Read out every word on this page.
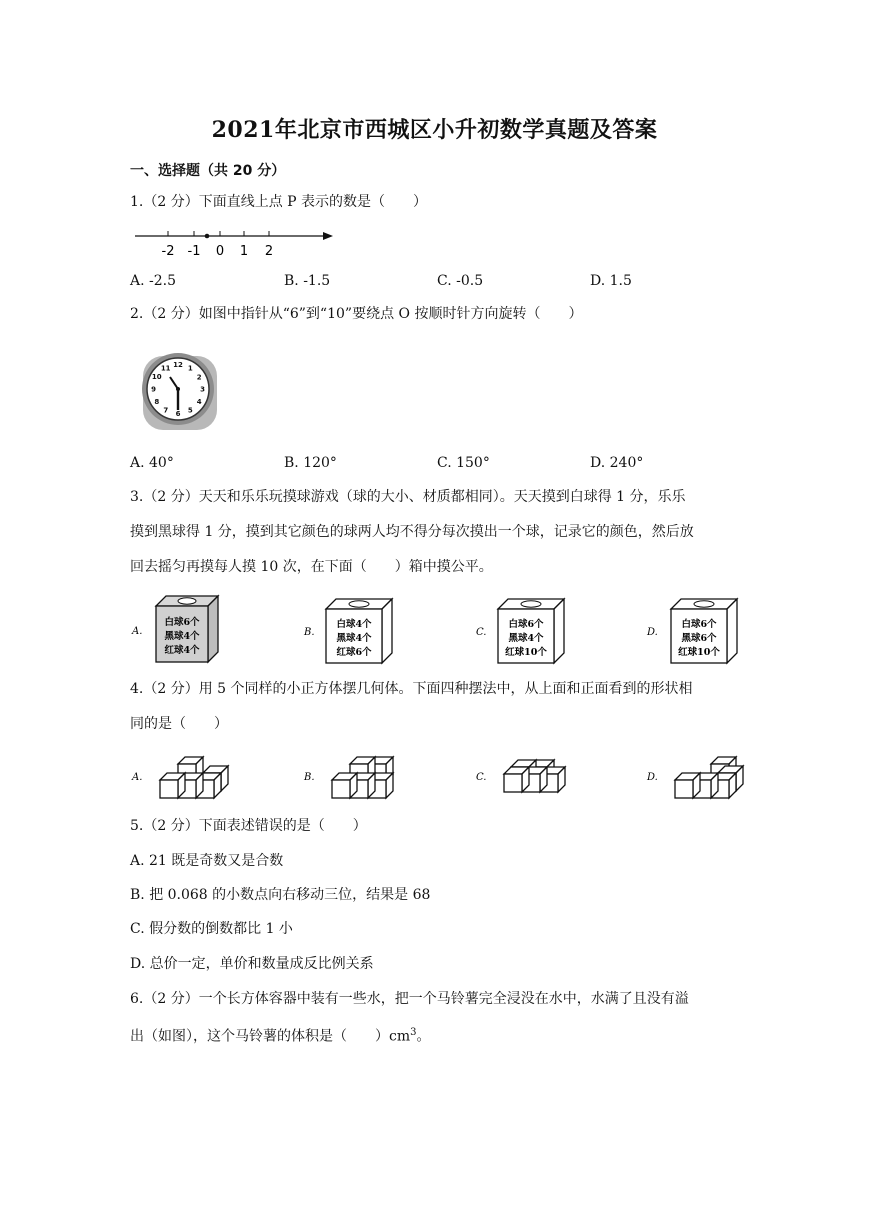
2021年北京市西城区小升初数学真题及答案
一、选择题（共 20 分）
1.（2 分）下面直线上点 P 表示的数是（　　）
-2 -1 0 1 2
A. -2.5	B. -1.5	C. -0.5	D. 1.5
2.（2 分）如图中指针从“6”到“10”要绕点 O 按顺时针方向旋转（　　）
12 1
2
3
4
5
6
7
8
9
10
11
A. 40°	B. 120°	C. 150°	D. 240°
3.（2 分）天天和乐乐玩摸球游戏（球的大小、材质都相同）。天天摸到白球得 1 分，乐乐
摸到黑球得 1 分，摸到其它颜色的球两人均不得分每次摸出一个球，记录它的颜色，然后放
回去摇匀再摸每人摸 10 次，在下面（　　）箱中摸公平。
A.
白球6个
黑球4个
红球4个
B.
白球4个
黑球4个
红球6个
C.
白球6个
黑球4个
红球10个
D.
白球6个
黑球6个
红球10个
4.（2 分）用 5 个同样的小正方体摆几何体。下面四种摆法中，从上面和正面看到的形状相
同的是（　　）
A.	B.	C.	D.
5.（2 分）下面表述错误的是（　　）
A. 21 既是奇数又是合数
B. 把 0.068 的小数点向右移动三位，结果是 68
C. 假分数的倒数都比 1 小
D. 总价一定，单价和数量成反比例关系
6.（2 分）一个长方体容器中装有一些水，把一个马铃薯完全浸没在水中，水满了且没有溢
出（如图），这个马铃薯的体积是（　　）$cm^3$。
